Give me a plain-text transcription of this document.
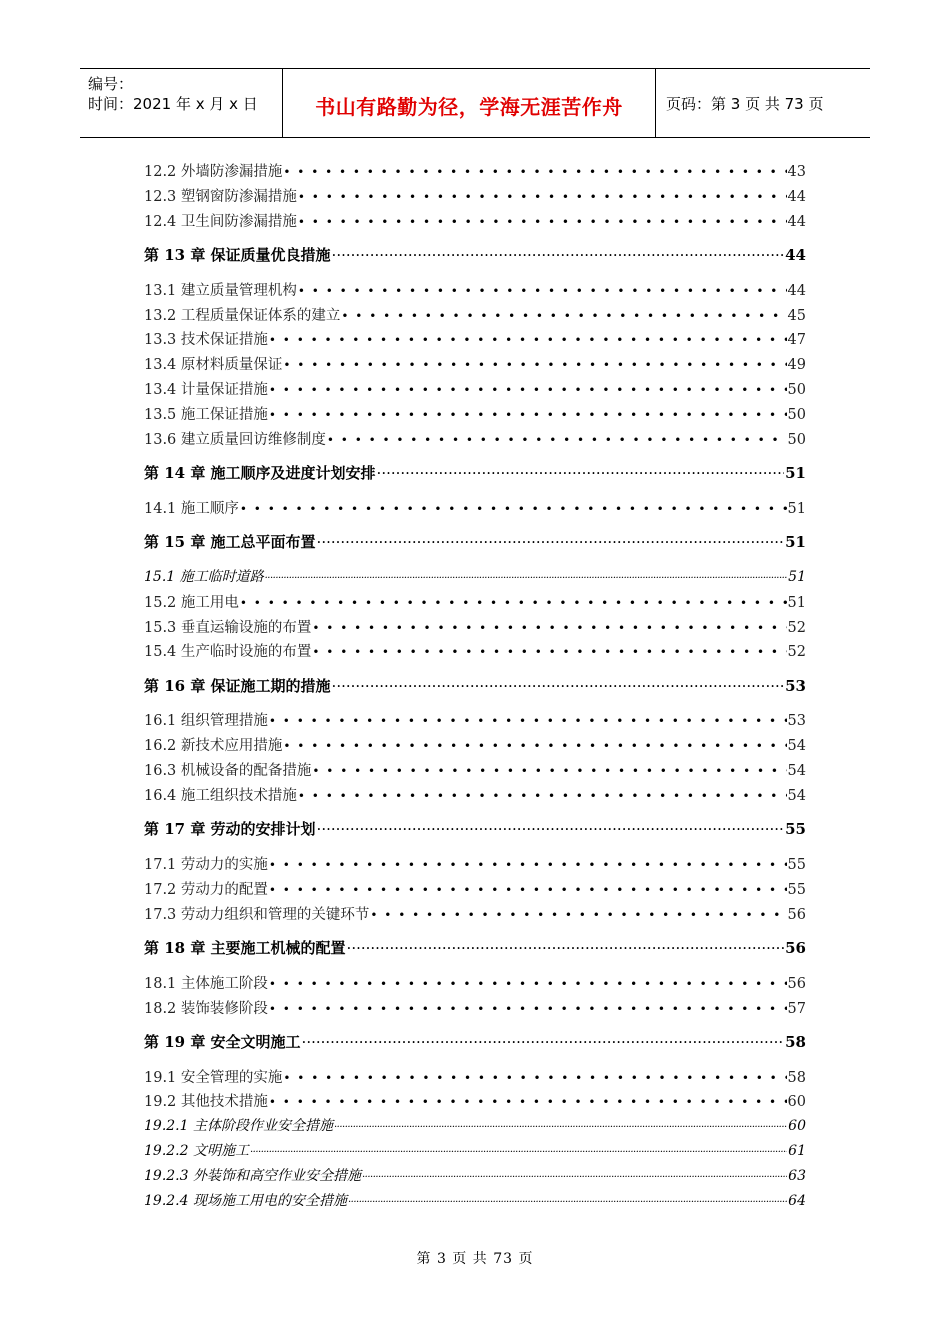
编号：
时间：2021 年 x 月 x 日	书山有路勤为径，学海无涯苦作舟	页码：第 3 页 共 73 页
12.2 外墙防渗漏措施 • • •	43
12.3 塑钢窗防渗漏措施 • • •	44
12.4 卫生间防渗漏措施 • • •	44
第 13 章 保证质量优良措施 ·····	44
13.1 建立质量管理机构 • • •	44
13.2 工程质量保证体系的建立 • • •	45
13.3 技术保证措施 • • •	47
13.4 原材料质量保证 • • •	49
13.4 计量保证措施 • • •	50
13.5 施工保证措施 • • •	50
13.6 建立质量回访维修制度 • • •	50
第 14 章 施工顺序及进度计划安排 ·····	51
14.1 施工顺序 • • •	51
第 15 章 施工总平面布置 ·····	51
15.1 施工临时道路 ·····	51
15.2 施工用电 • • •	51
15.3 垂直运输设施的布置 • • •	52
15.4 生产临时设施的布置 • • •	52
第 16 章 保证施工期的措施 ·····	53
16.1 组织管理措施 • • •	53
16.2 新技术应用措施 • • •	54
16.3 机械设备的配备措施 • • •	54
16.4 施工组织技术措施 • • •	54
第 17 章 劳动的安排计划 ·····	55
17.1 劳动力的实施 • • •	55
17.2 劳动力的配置 • • •	55
17.3 劳动力组织和管理的关键环节 • • •	56
第 18 章 主要施工机械的配置 ·····	56
18.1 主体施工阶段 • • •	56
18.2 装饰装修阶段 • • •	57
第 19 章 安全文明施工 ·····	58
19.1 安全管理的实施 • • •	58
19.2 其他技术措施 • • •	60
19.2.1 主体阶段作业安全措施 ·····	60
19.2.2 文明施工 ·····	61
19.2.3 外装饰和高空作业安全措施 ·····	63
19.2.4 现场施工用电的安全措施 ·····	64
第 3 页 共 73 页
